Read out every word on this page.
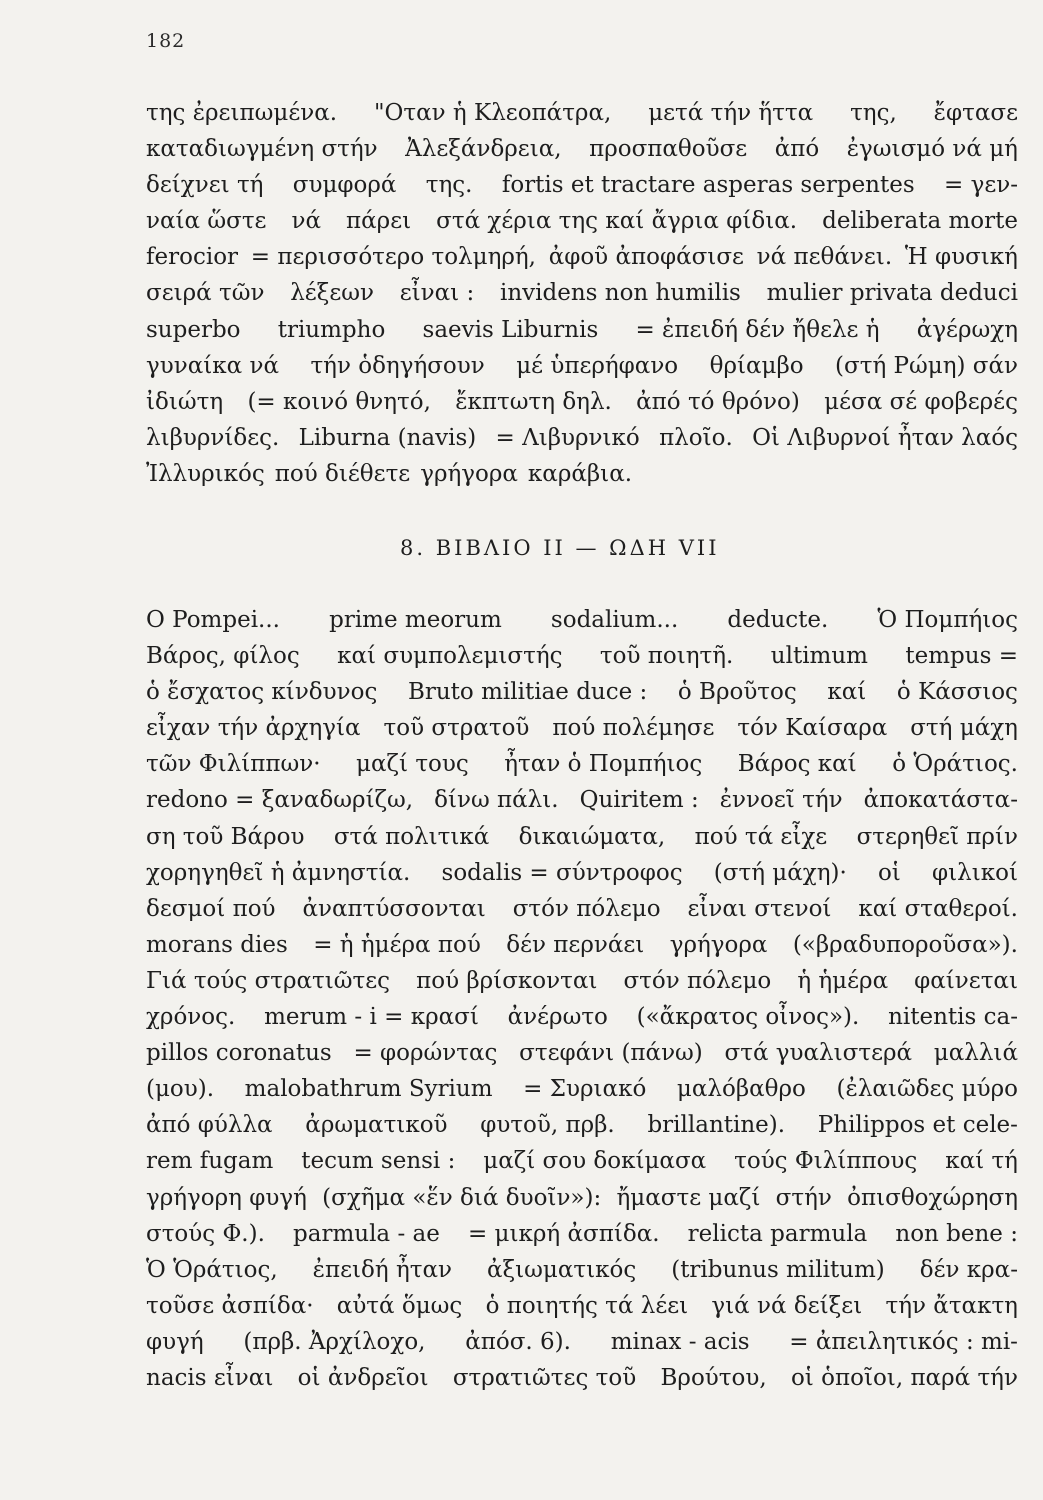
182
της ἐρειπωμένα. "Οταν ἡ Κλεοπάτρα, μετά τήν ἥττα της, ἔφτασε
καταδιωγμένη στήν Ἀλεξάνδρεια, προσπαθοῦσε ἀπό ἐγωισμό νά μή
δείχνει τή συμφορά της. fortis et tractare asperas serpentes = γεν-
ναία ὥστε νά πάρει στά χέρια της καί ἄγρια φίδια. deliberata morte
ferocior = περισσότερο τολμηρή, ἀφοῦ ἀποφάσισε νά πεθάνει. Ἡ φυσική
σειρά τῶν λέξεων εἶναι : invidens non humilis mulier privata deduci
superbo triumpho saevis Liburnis = ἐπειδή δέν ἤθελε ἡ ἀγέρωχη
γυναίκα νά τήν ὁδηγήσουν μέ ὑπερήφανο θρίαμβο (στή Ρώμη) σάν
ἰδιώτη (= κοινό θνητό, ἔκπτωτη δηλ. ἀπό τό θρόνο) μέσα σέ φοβερές
λιβυρνίδες. Liburna (navis) = Λιβυρνικό πλοῖο. Οἱ Λιβυρνοί ἦταν λαός
Ἰλλυρικός πού διέθετε γρήγορα καράβια.
8. ΒΙΒΛΙΟ ΙΙ — ΩΔΗ VII
O Pompei... prime meorum sodalium... deducte. Ὁ Πομπήιος
Βάρος, φίλος καί συμπολεμιστής τοῦ ποιητῆ. ultimum tempus =
ὁ ἔσχατος κίνδυνος Bruto militiae duce : ὁ Βροῦτος καί ὁ Κάσσιος
εἶχαν τήν ἀρχηγία τοῦ στρατοῦ πού πολέμησε τόν Καίσαρα στή μάχη
τῶν Φιλίππων· μαζί τους ἦταν ὁ Πομπήιος Βάρος καί ὁ Ὁράτιος.
redono = ξαναδωρίζω, δίνω πάλι. Quiritem : ἐννοεῖ τήν ἀποκατάστα-
ση τοῦ Βάρου στά πολιτικά δικαιώματα, πού τά εἶχε στερηθεῖ πρίν
χορηγηθεῖ ἡ ἀμνηστία. sodalis = σύντροφος (στή μάχη)· οἱ φιλικοί
δεσμοί πού ἀναπτύσσονται στόν πόλεμο εἶναι στενοί καί σταθεροί.
morans dies = ἡ ἡμέρα πού δέν περνάει γρήγορα («βραδυποροῦσα»).
Γιά τούς στρατιῶτες πού βρίσκονται στόν πόλεμο ἡ ἡμέρα φαίνεται
χρόνος. merum - i = κρασί ἀνέρωτο («ἄκρατος οἶνος»). nitentis ca-
pillos coronatus = φορώντας στεφάνι (πάνω) στά γυαλιστερά μαλλιά
(μου). malobathrum Syrium = Συριακό μαλόβαθρο (ἐλαιῶδες μύρο
ἀπό φύλλα ἀρωματικοῦ φυτοῦ, πρβ. brillantine). Philippos et cele-
rem fugam tecum sensi : μαζί σου δοκίμασα τούς Φιλίππους καί τή
γρήγορη φυγή (σχῆμα «ἕν διά δυοῖν»): ἤμαστε μαζί στήν ὀπισθοχώρηση
στούς Φ.). parmula - ae = μικρή ἀσπίδα. relicta parmula non bene :
Ὁ Ὁράτιος, ἐπειδή ἦταν ἀξιωματικός (tribunus militum) δέν κρα-
τοῦσε ἀσπίδα· αὐτά ὅμως ὁ ποιητής τά λέει γιά νά δείξει τήν ἄτακτη
φυγή (πρβ. Ἀρχίλοχο, ἀπόσ. 6). minax - acis = ἀπειλητικός : mi-
nacis εἶναι οἱ ἀνδρεῖοι στρατιῶτες τοῦ Βρούτου, οἱ ὁποῖοι, παρά τήν
